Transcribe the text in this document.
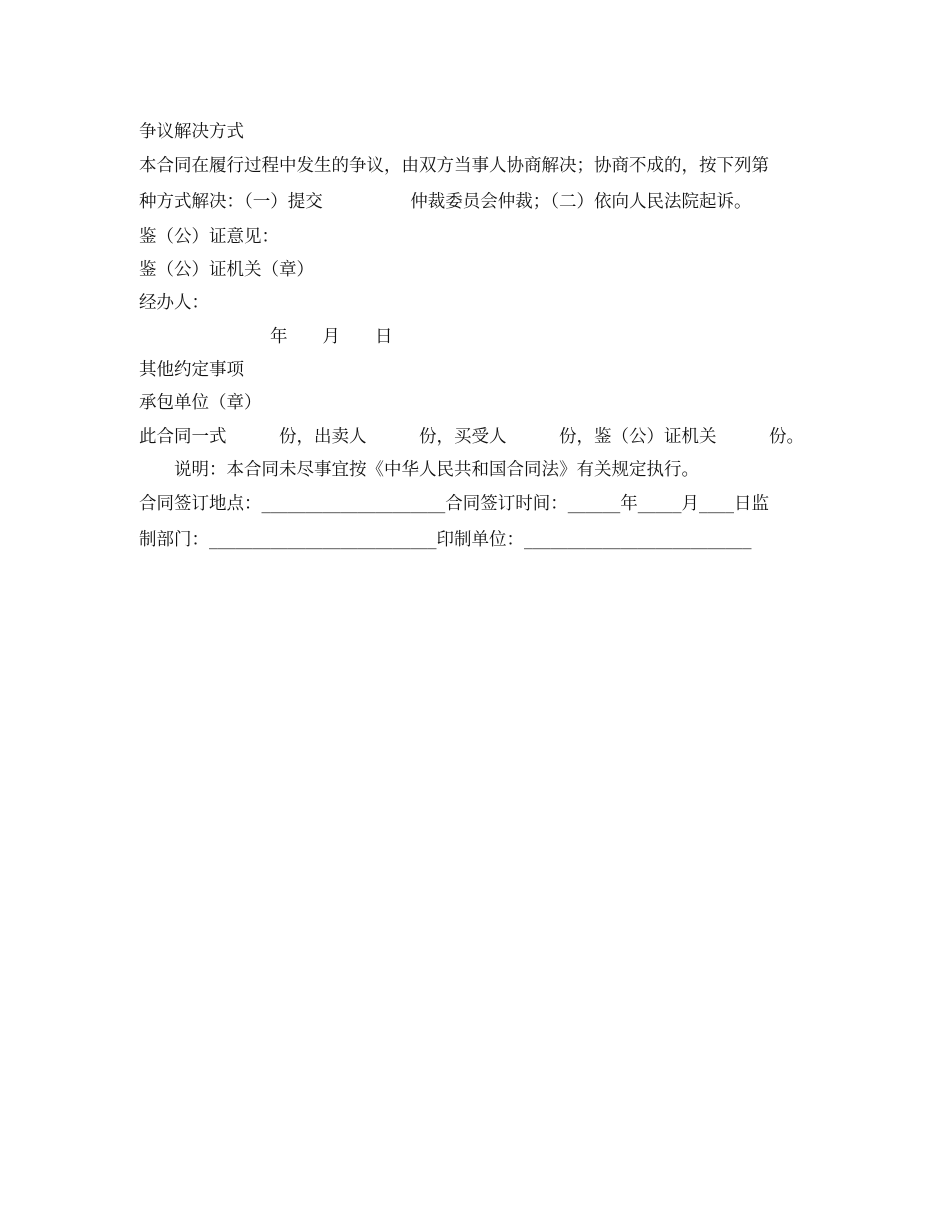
争议解决方式
本合同在履行过程中发生的争议，由双方当事人协商解决；协商不成的，按下列第
种方式解决：（一）提交　　　　　仲裁委员会仲裁；（二）依向人民法院起诉。
鉴（公）证意见：
鉴（公）证机关（章）
经办人：
年　　月　　日
其他约定事项
承包单位（章）
此合同一式　　　份，出卖人　　　份，买受人　　　份，鉴（公）证机关　　　份。
说明：本合同未尽事宜按《中华人民共和国合同法》有关规定执行。
合同签订地点：_____________________合同签订时间：______年_____月____日监
制部门：__________________________印制单位：__________________________
